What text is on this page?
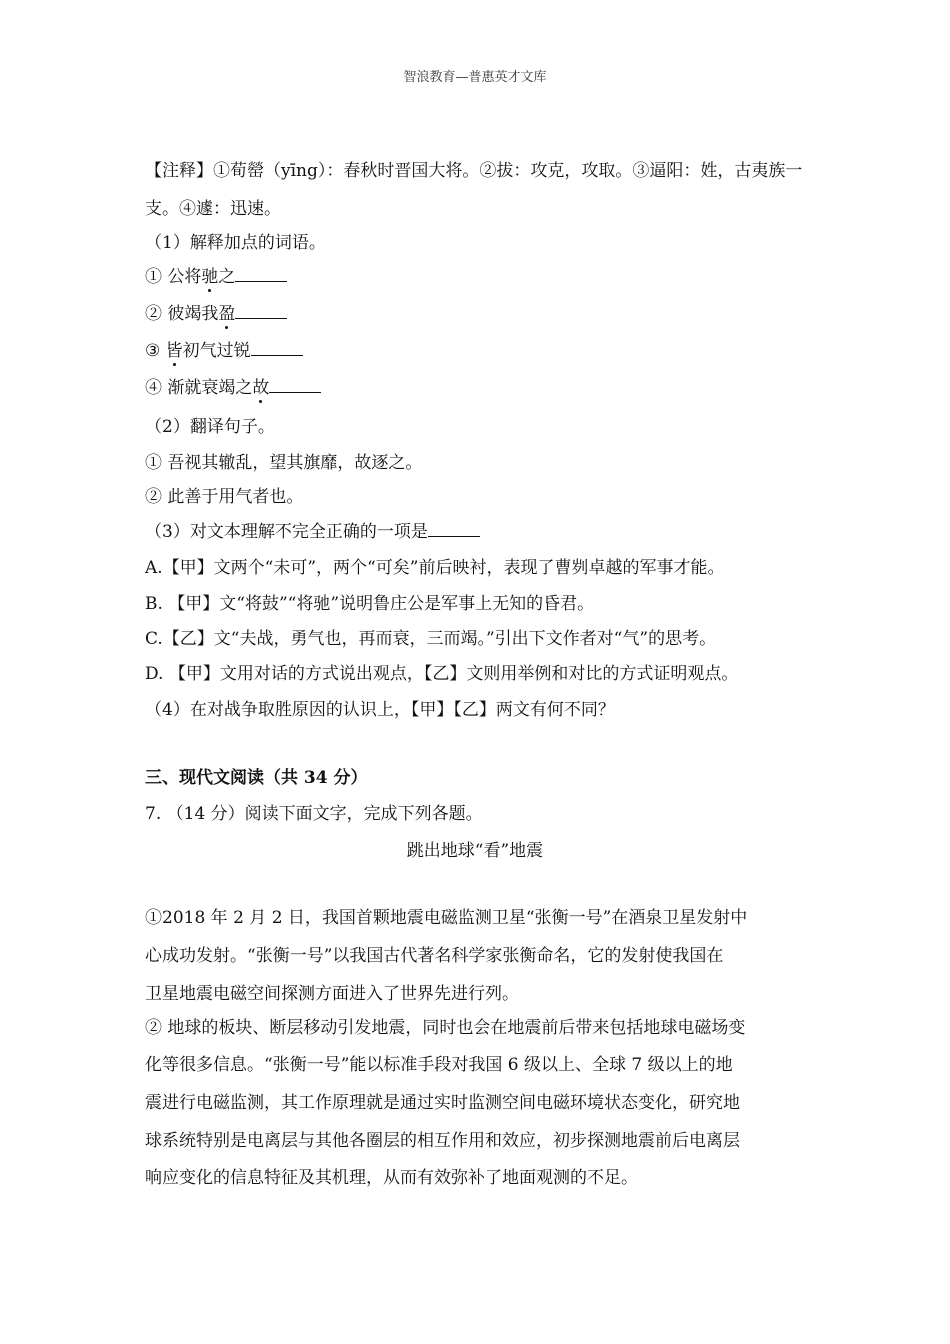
智浪教育—普惠英才文库
【注释】①荀罃（yīng）：春秋时晋国大将。②拔：攻克，攻取。③逼阳：姓，古夷族一
支。④遽：迅速。
（1）解释加点的词语。
① 公将驰之
② 彼竭我盈
③ 皆初气过锐
④ 渐就衰竭之故
（2）翻译句子。
① 吾视其辙乱，望其旗靡，故逐之。
② 此善于用气者也。
（3）对文本理解不完全正确的一项是
A.【甲】文两个“未可”，两个“可矣”前后映衬，表现了曹刿卓越的军事才能。
B. 【甲】文“将鼓”“将驰”说明鲁庄公是军事上无知的昏君。
C.【乙】文“夫战，勇气也，再而衰，三而竭。”引出下文作者对“气”的思考。
D. 【甲】文用对话的方式说出观点，【乙】文则用举例和对比的方式证明观点。
（4）在对战争取胜原因的认识上，【甲】【乙】两文有何不同？
三、现代文阅读（共 34 分）
7. （14 分）阅读下面文字，完成下列各题。
跳出地球“看”地震
①2018 年 2 月 2 日，我国首颗地震电磁监测卫星“张衡一号”在酒泉卫星发射中
心成功发射。“张衡一号”以我国古代著名科学家张衡命名，它的发射使我国在
卫星地震电磁空间探测方面进入了世界先进行列。
② 地球的板块、断层移动引发地震，同时也会在地震前后带来包括地球电磁场变
化等很多信息。“张衡一号”能以标准手段对我国 6 级以上、全球 7 级以上的地
震进行电磁监测，其工作原理就是通过实时监测空间电磁环境状态变化，研究地
球系统特别是电离层与其他各圈层的相互作用和效应，初步探测地震前后电离层
响应变化的信息特征及其机理，从而有效弥补了地面观测的不足。
